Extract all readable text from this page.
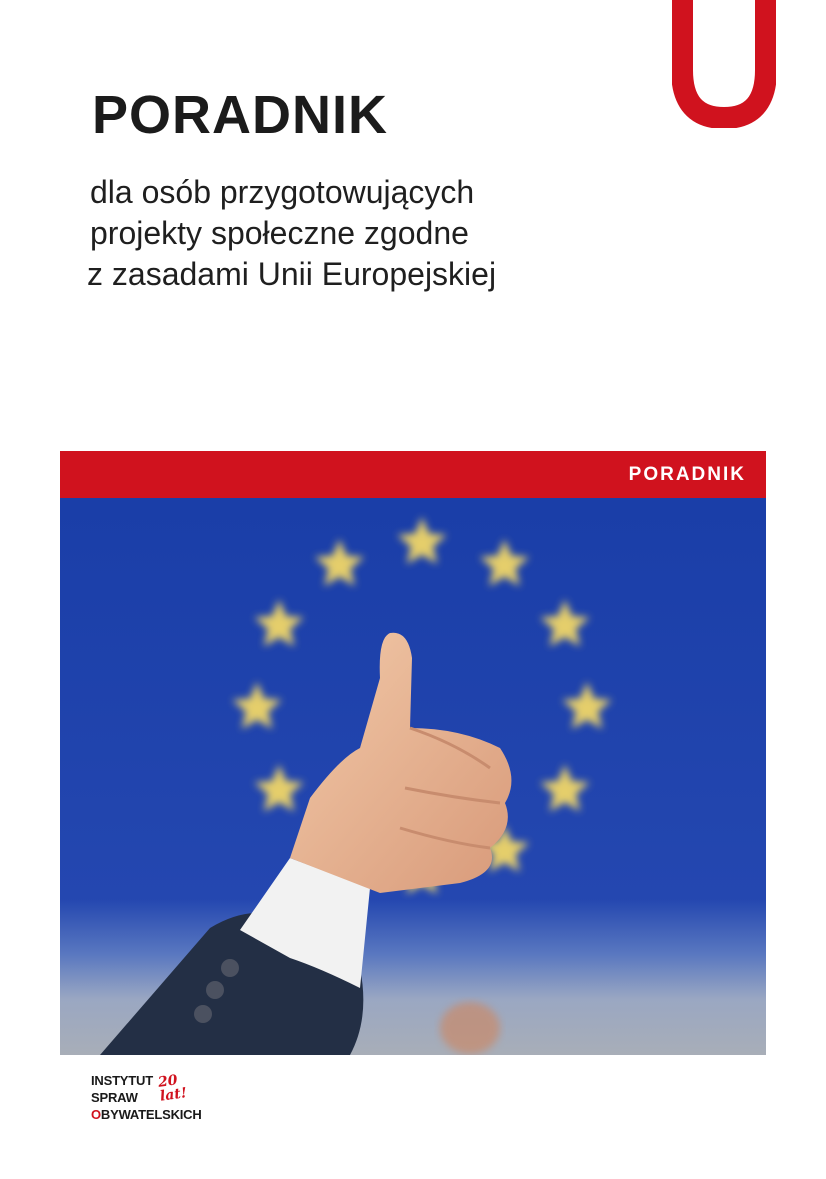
PORADNIK
dla osób przygotowujących
projekty społeczne zgodne
z zasadami Unii Europejskiej
PORADNIK
INSTYTUT
SPRAW
OBYWATELSKICH
20
lat!
